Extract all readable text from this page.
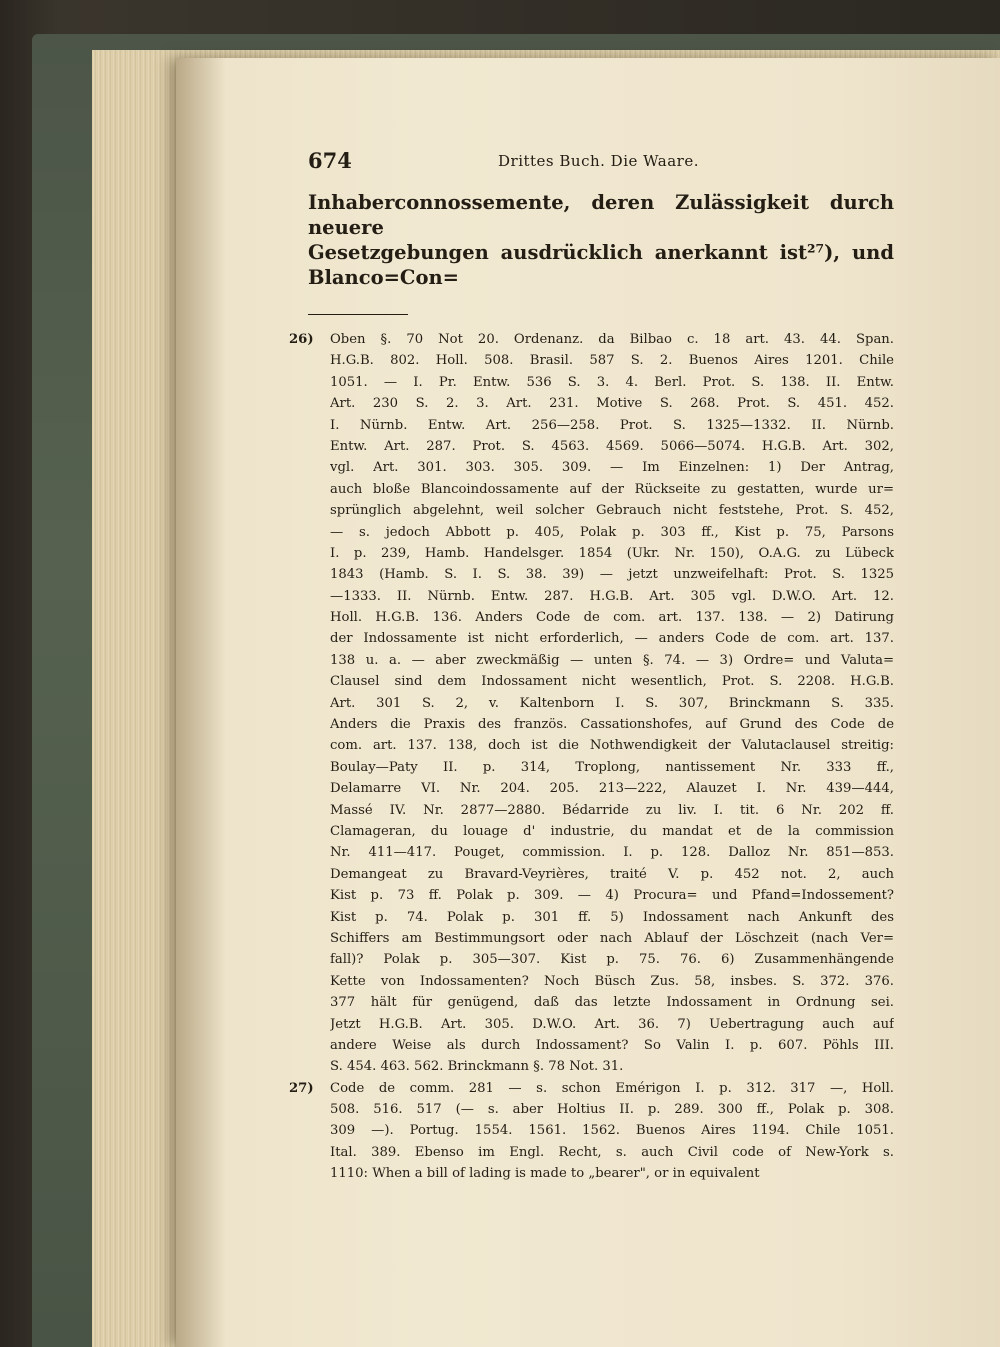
674	Drittes Buch. Die Waare.
Inhaberconnossemente, deren Zulässigkeit durch neuere
Gesetzgebungen ausdrücklich anerkannt ist²⁷), und Blanco=Con=
26) Oben §. 70 Not 20. Ordenanz. da Bilbao c. 18 art. 43. 44. Span.
H.G.B. 802. Holl. 508. Brasil. 587 S. 2. Buenos Aires 1201. Chile
1051. — I. Pr. Entw. 536 S. 3. 4. Berl. Prot. S. 138. II. Entw.
Art. 230 S. 2. 3. Art. 231. Motive S. 268. Prot. S. 451. 452.
I. Nürnb. Entw. Art. 256—258. Prot. S. 1325—1332. II. Nürnb.
Entw. Art. 287. Prot. S. 4563. 4569. 5066—5074. H.G.B. Art. 302,
vgl. Art. 301. 303. 305. 309. — Im Einzelnen: 1) Der Antrag,
auch bloße Blancoindossamente auf der Rückseite zu gestatten, wurde ur=
sprünglich abgelehnt, weil solcher Gebrauch nicht feststehe, Prot. S. 452,
— s. jedoch Abbott p. 405, Polak p. 303 ff., Kist p. 75, Parsons
I. p. 239, Hamb. Handelsger. 1854 (Ukr. Nr. 150), O.A.G. zu Lübeck
1843 (Hamb. S. I. S. 38. 39) — jetzt unzweifelhaft: Prot. S. 1325
—1333. II. Nürnb. Entw. 287. H.G.B. Art. 305 vgl. D.W.O. Art. 12.
Holl. H.G.B. 136. Anders Code de com. art. 137. 138. — 2) Datirung
der Indossamente ist nicht erforderlich, — anders Code de com. art. 137.
138 u. a. — aber zweckmäßig — unten §. 74. — 3) Ordre= und Valuta=
Clausel sind dem Indossament nicht wesentlich, Prot. S. 2208. H.G.B.
Art. 301 S. 2, v. Kaltenborn I. S. 307, Brinckmann S. 335.
Anders die Praxis des französ. Cassationshofes, auf Grund des Code de
com. art. 137. 138, doch ist die Nothwendigkeit der Valutaclausel streitig:
Boulay—Paty II. p. 314, Troplong, nantissement Nr. 333 ff.,
Delamarre VI. Nr. 204. 205. 213—222, Alauzet I. Nr. 439—444,
Massé IV. Nr. 2877—2880. Bédarride zu liv. I. tit. 6 Nr. 202 ff.
Clamageran, du louage d' industrie, du mandat et de la commission
Nr. 411—417. Pouget, commission. I. p. 128. Dalloz Nr. 851—853.
Demangeat zu Bravard-Veyrières, traité V. p. 452 not. 2, auch
Kist p. 73 ff. Polak p. 309. — 4) Procura= und Pfand=Indossement?
Kist p. 74. Polak p. 301 ff. 5) Indossament nach Ankunft des
Schiffers am Bestimmungsort oder nach Ablauf der Löschzeit (nach Ver=
fall)? Polak p. 305—307. Kist p. 75. 76. 6) Zusammenhängende
Kette von Indossamenten? Noch Büsch Zus. 58, insbes. S. 372. 376.
377 hält für genügend, daß das letzte Indossament in Ordnung sei.
Jetzt H.G.B. Art. 305. D.W.O. Art. 36. 7) Uebertragung auch auf
andere Weise als durch Indossament? So Valin I. p. 607. Pöhls III.
S. 454. 463. 562. Brinckmann §. 78 Not. 31.
27) Code de comm. 281 — s. schon Emérigon I. p. 312. 317 —, Holl.
508. 516. 517 (— s. aber Holtius II. p. 289. 300 ff., Polak p. 308.
309 —). Portug. 1554. 1561. 1562. Buenos Aires 1194. Chile 1051.
Ital. 389. Ebenso im Engl. Recht, s. auch Civil code of New-York s.
1110: When a bill of lading is made to „bearer", or in equivalent
